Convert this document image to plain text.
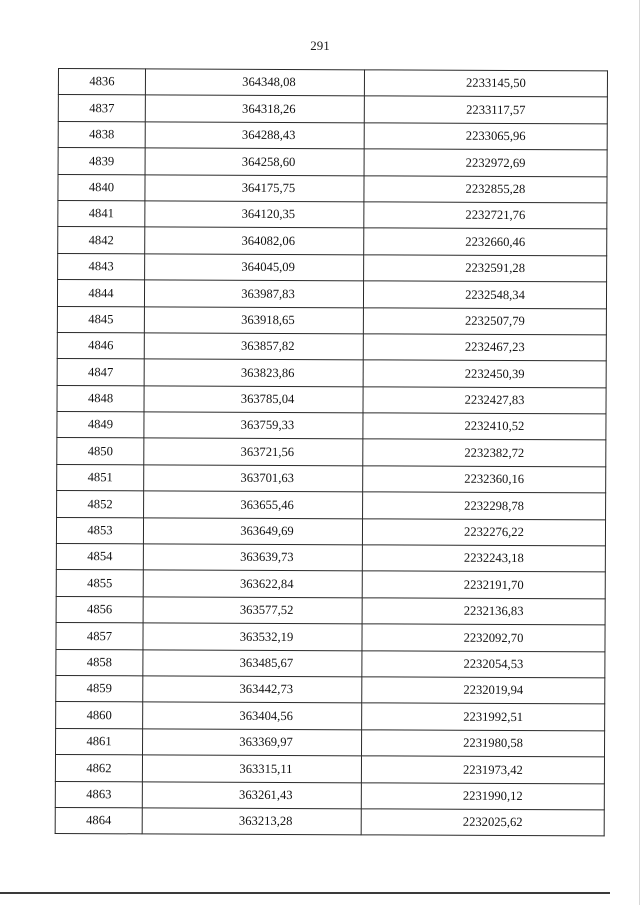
291
4836	364348,08	2233145,50
4837	364318,26	2233117,57
4838	364288,43	2233065,96
4839	364258,60	2232972,69
4840	364175,75	2232855,28
4841	364120,35	2232721,76
4842	364082,06	2232660,46
4843	364045,09	2232591,28
4844	363987,83	2232548,34
4845	363918,65	2232507,79
4846	363857,82	2232467,23
4847	363823,86	2232450,39
4848	363785,04	2232427,83
4849	363759,33	2232410,52
4850	363721,56	2232382,72
4851	363701,63	2232360,16
4852	363655,46	2232298,78
4853	363649,69	2232276,22
4854	363639,73	2232243,18
4855	363622,84	2232191,70
4856	363577,52	2232136,83
4857	363532,19	2232092,70
4858	363485,67	2232054,53
4859	363442,73	2232019,94
4860	363404,56	2231992,51
4861	363369,97	2231980,58
4862	363315,11	2231973,42
4863	363261,43	2231990,12
4864	363213,28	2232025,62
